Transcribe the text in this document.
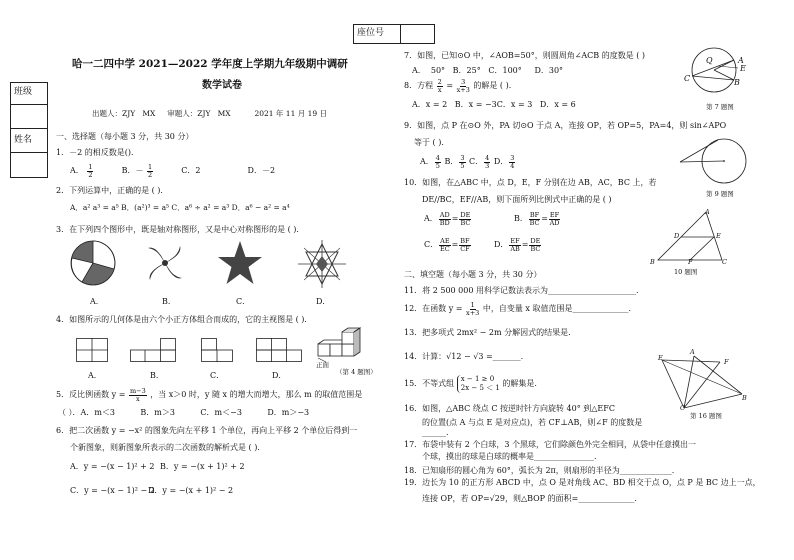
座位号
班级
姓名
哈一二四中学 2021—2022 学年度上学期九年级期中调研
数学试卷
出题人：ZJY   MX     审题人：ZJY   MX          2021 年 11 月 19 日
一、选择题（每小题 3 分，共 30 分）
1．－2 的相反数是()．
A． $\frac{1}{2}$	B．－ $\frac{1}{2}$	C．2	D．－2
2．下列运算中，正确的是 ( )．
A．a² a³ = a⁵ B．(a²)³ = a⁵ C．a⁶ ÷ a² = a³ D．a⁶ − a² = a⁴
3．在下列四个图形中，既是轴对称图形，又是中心对称图形的是 ( )．
A．	B．	C．	D．
4．如图所示的几何体是由六个小正方体组合而成的，它的主视图是 ( )．
正面
（第 4 题图）
A．	B．	C．	D．
5．反比例函数 $y = \frac{m-3}{x}$ ，当 x＞0 时，y 随 x 的增大而增大，那么 m 的取值范围是
（ ）．A．m＜3          B．m＞3          C．m＜−3          D．m＞−3
6．把二次函数 y = −x² 的图象先向左平移 1 个单位，再向上平移 2 个单位后得到一
个新图象，则新图象所表示的二次函数的解析式是 ( )．
A．y = −(x − 1)² + 2 B．y = −(x + 1)² + 2
C．y = −(x − 1)² − 2
D．y = −(x + 1)² − 2
7．如图，已知⊙O 中，∠AOB=50°，则圆周角∠ACB 的度数是 ( )
A．  50°   B．25°   C．100°     D．30°
A
B
C
E
Q
第 7 题图
8．方程 $\frac{2}{x} = \frac{3}{x+3}$ 的解是 ( )．
A．x = 2   B．x = −3C．x = 3   D．x = 6
9．如图，点 P 在⊙O 外，PA 切⊙O 于点 A，连接 OP，若 OP=5，PA=4，则 sin∠APO
等于 ( )．
A． $\frac{4}{5}$ B． $\frac{3}{5}$ C． $\frac{4}{3}$ D． $\frac{3}{4}$
第 9 题图
10．如图，在△ABC 中，点 D，E，F 分别在边 AB，AC，BC 上，若
DE//BC，EF//AB，则下面所列比例式中正确的是 ( )
A． $\frac{AD}{BD} = \frac{DE}{BC}$	B． $\frac{BF}{BC} = \frac{EF}{AD}$
C． $\frac{AE}{EC} = \frac{BF}{CF}$	D． $\frac{EF}{AB} = \frac{DE}{BC}$
A
D	E
B	F	C
10 题图
二、填空题（每小题 3 分，共 30 分）
11．将 2 500 000 用科学记数法表示为______________________.
12．在函数 $y = \frac{1}{x+3}$ 中，自变量 x 取值范围是______________.
13．把多项式 2mx² − 2m 分解因式的结果是.
14．计算：√12 − √3 =_______.
15．不等式组
x − 1 ≥ 0
2x − 5 ＜ 1 的解集是.
16．如图，△ABC 绕点 C 按逆时针方向旋转 40° 到△EFC
的位置(点 A 与点 E 是对应点)，若 CF⊥AB，则∠F 的度数是
______.
E
A
F
C
B
第 16 题图
17．布袋中装有 2 个白球，3 个黑球，它们除颜色外完全相同，从袋中任意摸出一
个球，摸出的球是白球的概率是_______________.
18．已知扇形的圆心角为 60°，弧长为 2π，则扇形的半径为_____________.
19．边长为 10 的正方形 ABCD 中，点 O 是对角线 AC、BD 相交于点 O，点 P 是 BC 边上一点，
连接 OP，若 OP=√29，则△BOP 的面积=______________.
